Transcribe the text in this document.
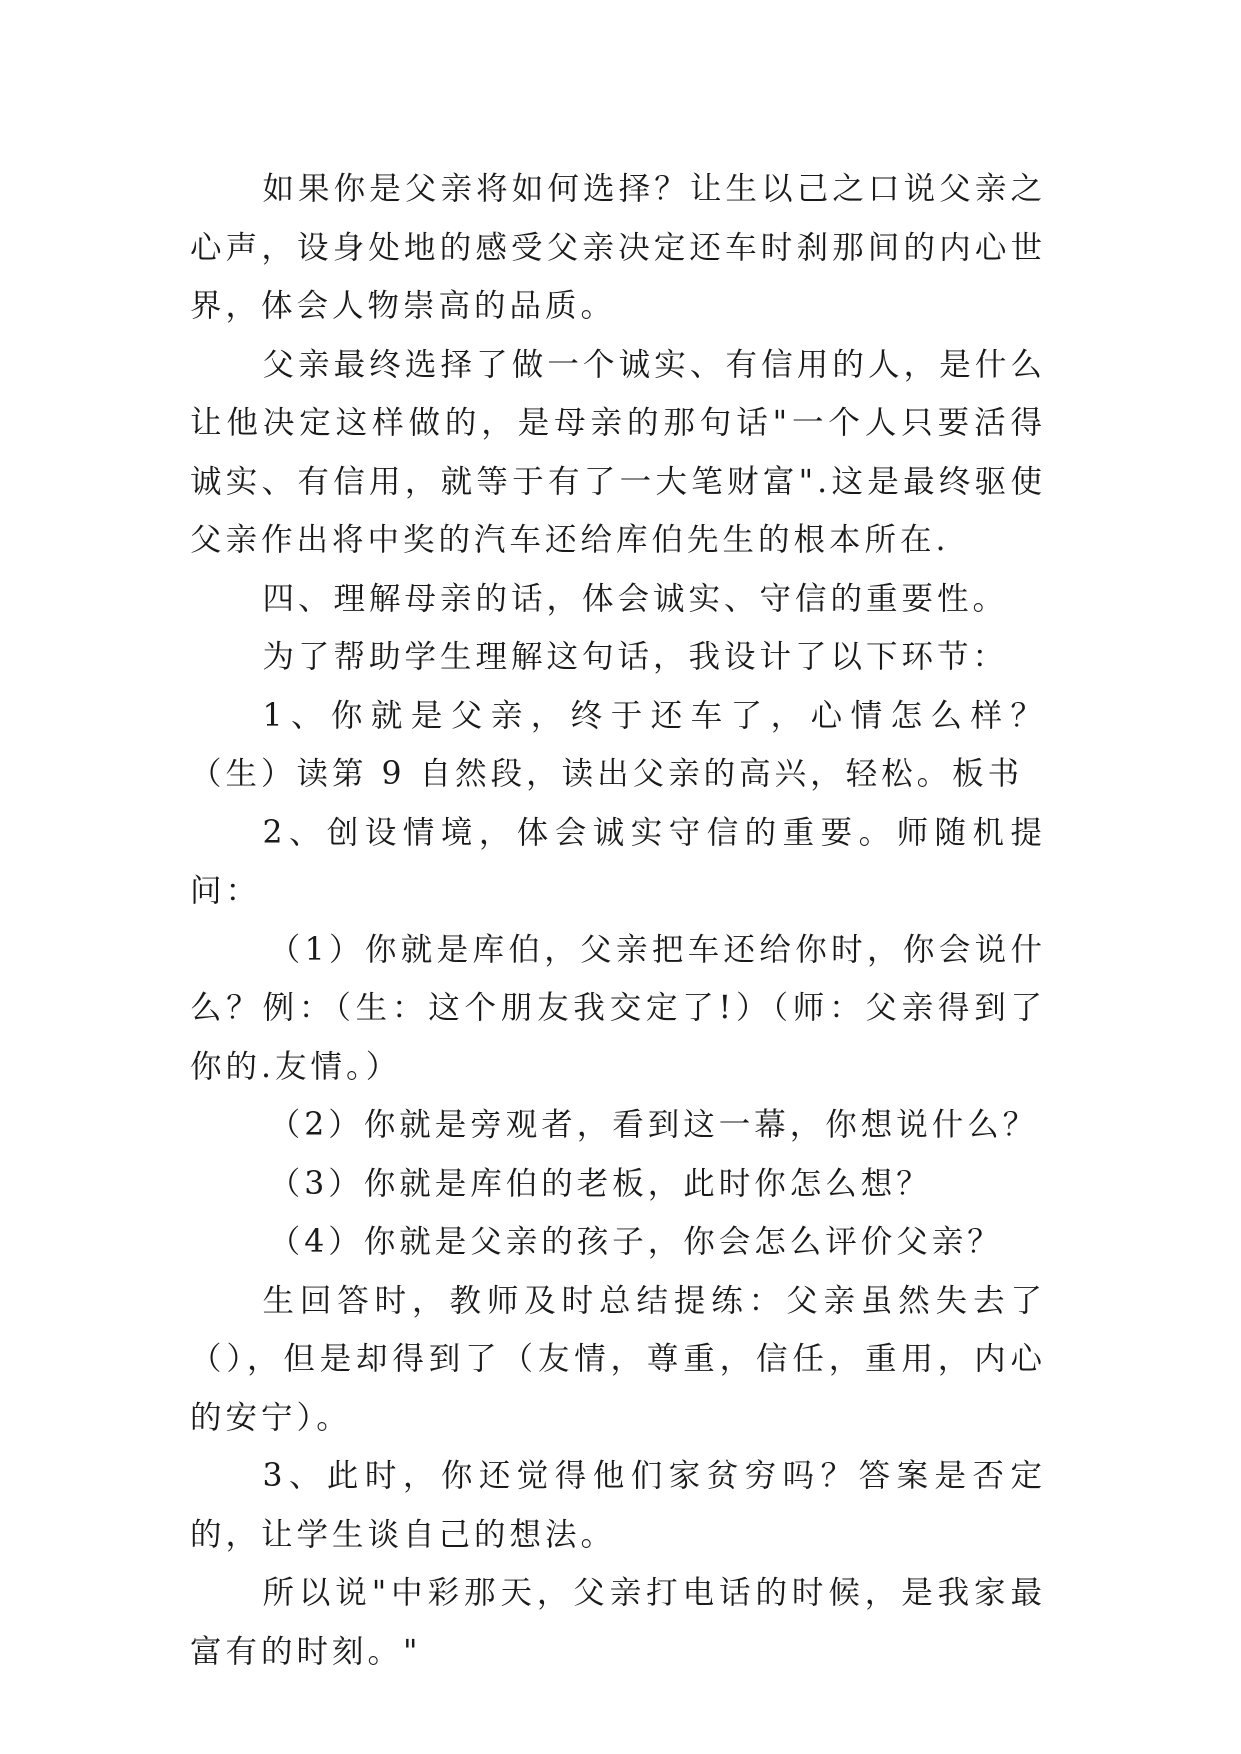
如果你是父亲将如何选择？让生以己之口说父亲之心声，设身处地的感受父亲决定还车时刹那间的内心世界，体会人物崇高的品质。

父亲最终选择了做一个诚实、有信用的人，是什么让他决定这样做的，是母亲的那句话"一个人只要活得诚实、有信用，就等于有了一大笔财富".这是最终驱使父亲作出将中奖的汽车还给库伯先生的根本所在.

四、理解母亲的话，体会诚实、守信的重要性。

为了帮助学生理解这句话，我设计了以下环节：

1、你就是父亲，终于还车了，心情怎么样？（生）读第 9 自然段，读出父亲的高兴，轻松。板书

2、创设情境，体会诚实守信的重要。师随机提问：

（1）你就是库伯，父亲把车还给你时，你会说什么？例：（生：这个朋友我交定了!）（师：父亲得到了你的.友情。）

（2）你就是旁观者，看到这一幕，你想说什么？

（3）你就是库伯的老板，此时你怎么想？

（4）你就是父亲的孩子，你会怎么评价父亲？

生回答时，教师及时总结提练：父亲虽然失去了（），但是却得到了（友情，尊重，信任，重用，内心的安宁）。

3、此时，你还觉得他们家贫穷吗？答案是否定的，让学生谈自己的想法。

所以说"中彩那天，父亲打电话的时候，是我家最富有的时刻。"
